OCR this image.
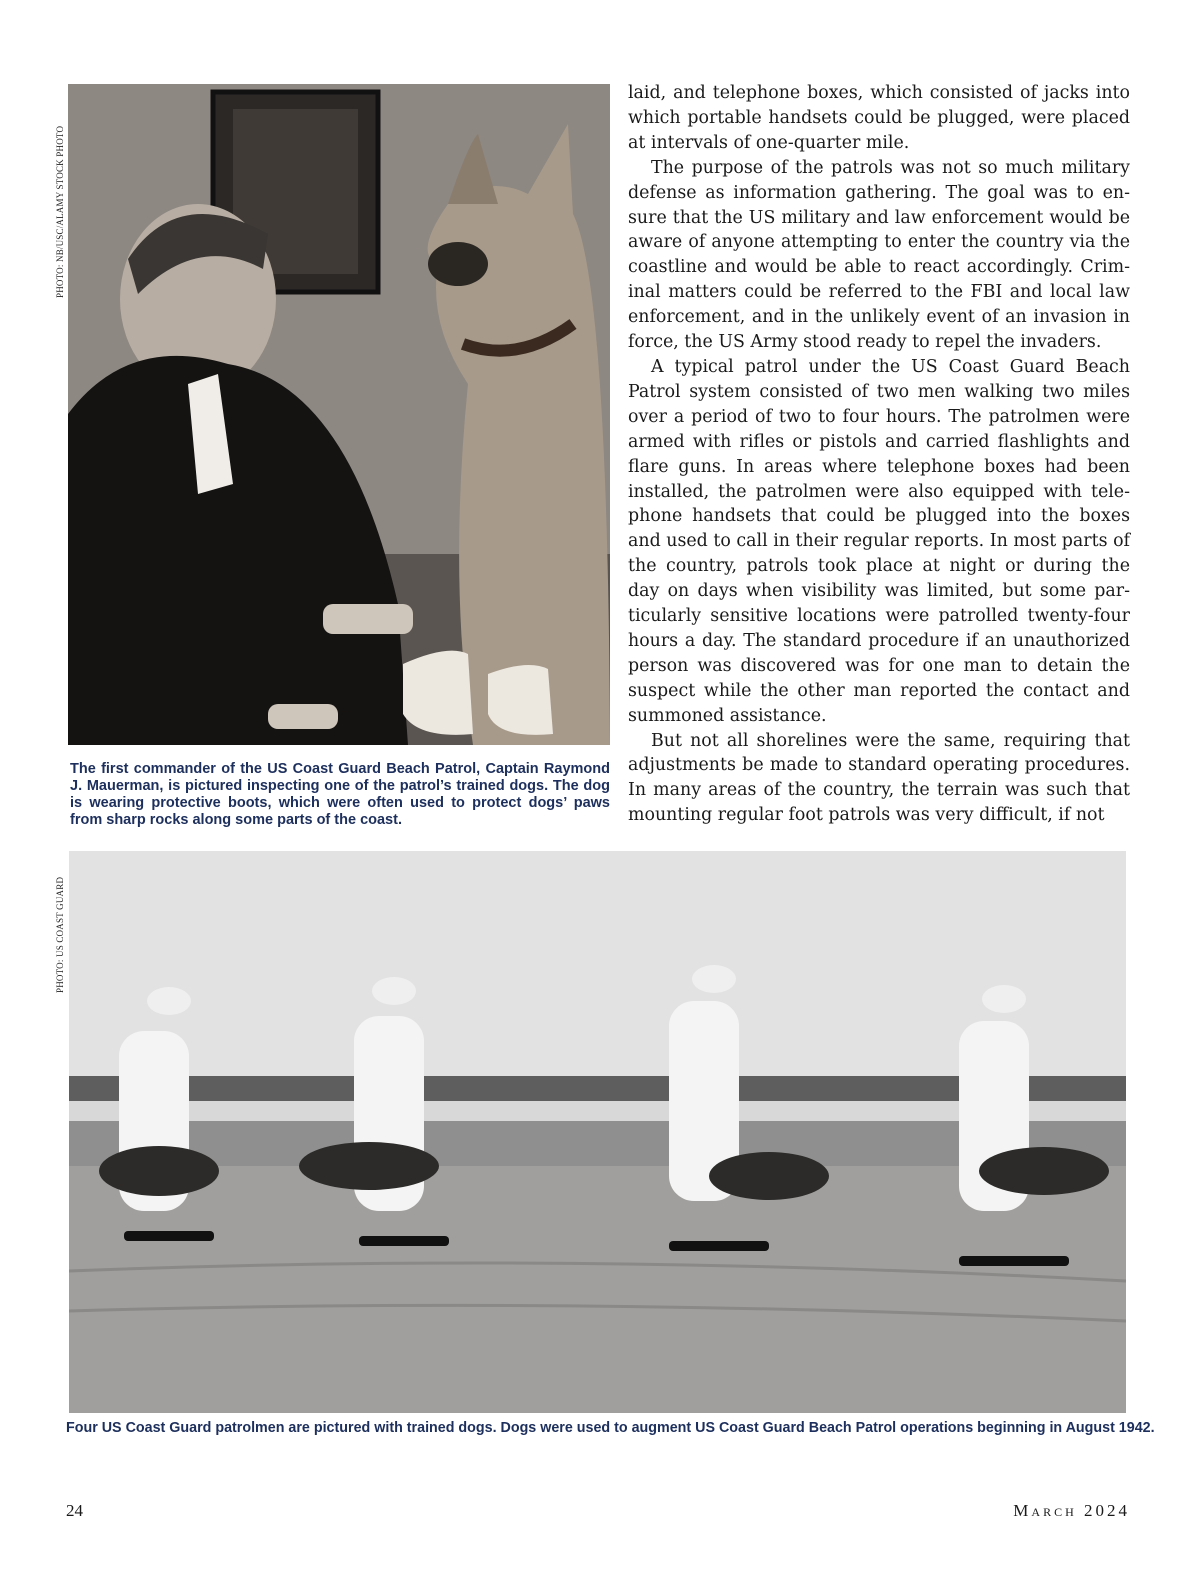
PHOTO: NB/USC/ALAMY STOCK PHOTO

The first commander of the US Coast Guard Beach Patrol, Captain Raymond J. Mauerman, is pictured inspecting one of the patrol’s trained dogs. The dog is wearing protective boots, which were often used to protect dogs’ paws from sharp rocks along some parts of the coast.

laid, and telephone boxes, which consisted of jacks into which portable handsets could be plugged, were placed at intervals of one-quarter mile.

The purpose of the patrols was not so much military defense as information gathering. The goal was to ensure that the US military and law enforcement would be aware of anyone attempting to enter the country via the coastline and would be able to react accordingly. Criminal matters could be referred to the FBI and local law enforcement, and in the unlikely event of an invasion in force, the US Army stood ready to repel the invaders.

A typical patrol under the US Coast Guard Beach Patrol system consisted of two men walking two miles over a period of two to four hours. The patrolmen were armed with rifles or pistols and carried flashlights and flare guns. In areas where telephone boxes had been installed, the patrolmen were also equipped with telephone handsets that could be plugged into the boxes and used to call in their regular reports. In most parts of the country, patrols took place at night or during the day on days when visibility was limited, but some particularly sensitive locations were patrolled twenty-four hours a day. The standard procedure if an unauthorized person was discovered was for one man to detain the suspect while the other man reported the contact and summoned assistance.

But not all shorelines were the same, requiring that adjustments be made to standard operating procedures. In many areas of the country, the terrain was such that mounting regular foot patrols was very difficult, if not

PHOTO: US COAST GUARD

Four US Coast Guard patrolmen are pictured with trained dogs. Dogs were used to augment US Coast Guard Beach Patrol operations beginning in August 1942.

24	March 2024
